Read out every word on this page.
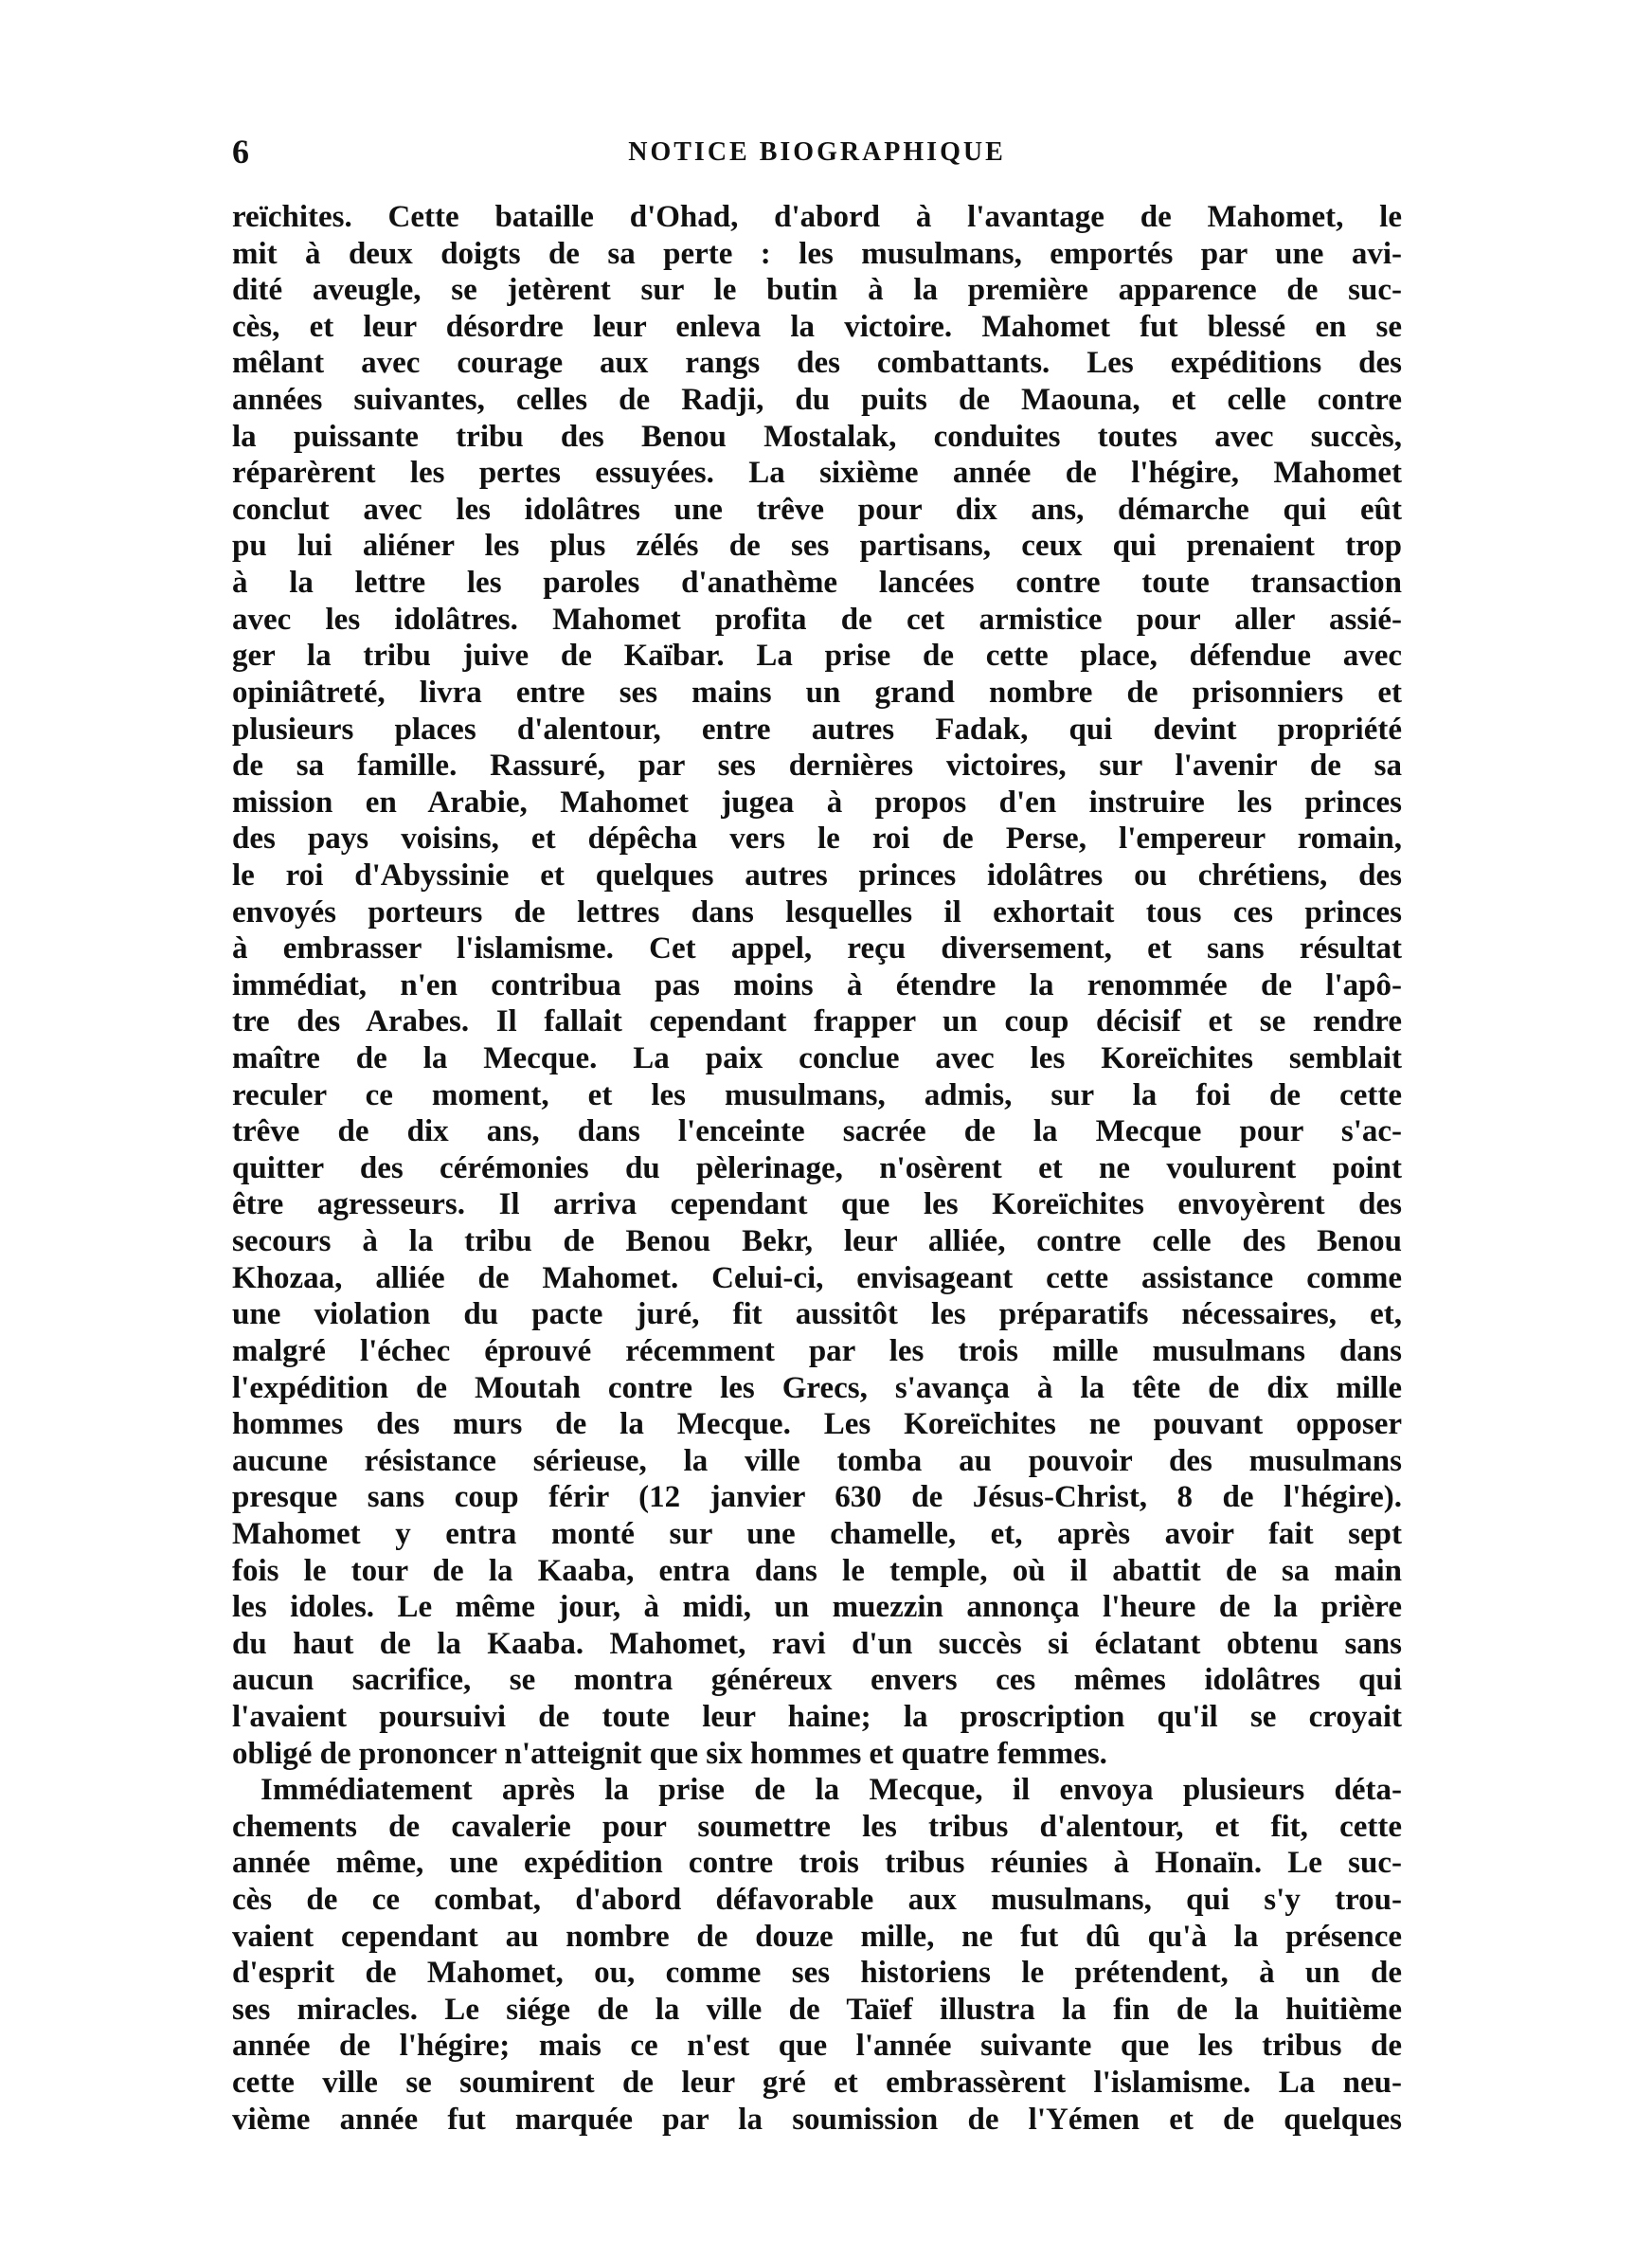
6	NOTICE BIOGRAPHIQUE
reïchites. Cette bataille d'Ohad, d'abord à l'avantage de Mahomet, le
mit à deux doigts de sa perte : les musulmans, emportés par une avi-
dité aveugle, se jetèrent sur le butin à la première apparence de suc-
cès, et leur désordre leur enleva la victoire. Mahomet fut blessé en se
mêlant avec courage aux rangs des combattants. Les expéditions des
années suivantes, celles de Radji, du puits de Maouna, et celle contre
la puissante tribu des Benou Mostalak, conduites toutes avec succès,
réparèrent les pertes essuyées. La sixième année de l'hégire, Mahomet
conclut avec les idolâtres une trêve pour dix ans, démarche qui eût
pu lui aliéner les plus zélés de ses partisans, ceux qui prenaient trop
à la lettre les paroles d'anathème lancées contre toute transaction
avec les idolâtres. Mahomet profita de cet armistice pour aller assié-
ger la tribu juive de Kaïbar. La prise de cette place, défendue avec
opiniâtreté, livra entre ses mains un grand nombre de prisonniers et
plusieurs places d'alentour, entre autres Fadak, qui devint propriété
de sa famille. Rassuré, par ses dernières victoires, sur l'avenir de sa
mission en Arabie, Mahomet jugea à propos d'en instruire les princes
des pays voisins, et dépêcha vers le roi de Perse, l'empereur romain,
le roi d'Abyssinie et quelques autres princes idolâtres ou chrétiens, des
envoyés porteurs de lettres dans lesquelles il exhortait tous ces princes
à embrasser l'islamisme. Cet appel, reçu diversement, et sans résultat
immédiat, n'en contribua pas moins à étendre la renommée de l'apô-
tre des Arabes. Il fallait cependant frapper un coup décisif et se rendre
maître de la Mecque. La paix conclue avec les Koreïchites semblait
reculer ce moment, et les musulmans, admis, sur la foi de cette
trêve de dix ans, dans l'enceinte sacrée de la Mecque pour s'ac-
quitter des cérémonies du pèlerinage, n'osèrent et ne voulurent point
être agresseurs. Il arriva cependant que les Koreïchites envoyèrent des
secours à la tribu de Benou Bekr, leur alliée, contre celle des Benou
Khozaa, alliée de Mahomet. Celui-ci, envisageant cette assistance comme
une violation du pacte juré, fit aussitôt les préparatifs nécessaires, et,
malgré l'échec éprouvé récemment par les trois mille musulmans dans
l'expédition de Moutah contre les Grecs, s'avança à la tête de dix mille
hommes des murs de la Mecque. Les Koreïchites ne pouvant opposer
aucune résistance sérieuse, la ville tomba au pouvoir des musulmans
presque sans coup férir (12 janvier 630 de Jésus-Christ, 8 de l'hégire).
Mahomet y entra monté sur une chamelle, et, après avoir fait sept
fois le tour de la Kaaba, entra dans le temple, où il abattit de sa main
les idoles. Le même jour, à midi, un muezzin annonça l'heure de la prière
du haut de la Kaaba. Mahomet, ravi d'un succès si éclatant obtenu sans
aucun sacrifice, se montra généreux envers ces mêmes idolâtres qui
l'avaient poursuivi de toute leur haine; la proscription qu'il se croyait
obligé de prononcer n'atteignit que six hommes et quatre femmes.
Immédiatement après la prise de la Mecque, il envoya plusieurs déta-
chements de cavalerie pour soumettre les tribus d'alentour, et fit, cette
année même, une expédition contre trois tribus réunies à Honaïn. Le suc-
cès de ce combat, d'abord défavorable aux musulmans, qui s'y trou-
vaient cependant au nombre de douze mille, ne fut dû qu'à la présence
d'esprit de Mahomet, ou, comme ses historiens le prétendent, à un de
ses miracles. Le siége de la ville de Taïef illustra la fin de la huitième
année de l'hégire; mais ce n'est que l'année suivante que les tribus de
cette ville se soumirent de leur gré et embrassèrent l'islamisme. La neu-
vième année fut marquée par la soumission de l'Yémen et de quelques
